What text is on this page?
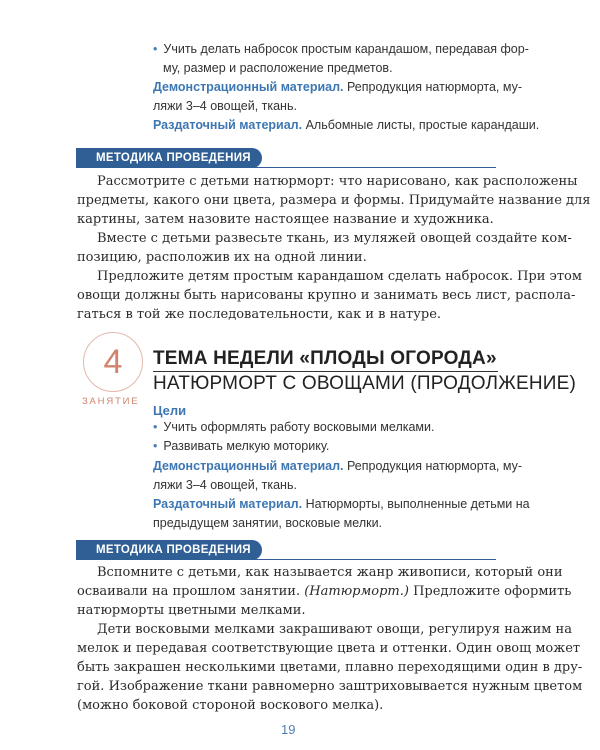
• Учить делать набросок простым карандашом, передавая фор-
му, размер и расположение предметов.
Демонстрационный материал. Репродукция натюрморта, му-
ляжи 3–4 овощей, ткань.
Раздаточный материал. Альбомные листы, простые карандаши.
МЕТОДИКА ПРОВЕДЕНИЯ
Рассмотрите с детьми натюрморт: что нарисовано, как расположены
предметы, какого они цвета, размера и формы. Придумайте название для
картины, затем назовите настоящее название и художника.
Вместе с детьми развесьте ткань, из муляжей овощей создайте ком-
позицию, расположив их на одной линии.
Предложите детям простым карандашом сделать набросок. При этом
овощи должны быть нарисованы крупно и занимать весь лист, распола-
гаться в той же последовательности, как и в натуре.
4
ЗАНЯТИЕ
ТЕМА НЕДЕЛИ «ПЛОДЫ ОГОРОДА»
НАТЮРМОРТ С ОВОЩАМИ (ПРОДОЛЖЕНИЕ)
Цели
• Учить оформлять работу восковыми мелками.
• Развивать мелкую моторику.
Демонстрационный материал. Репродукция натюрморта, му-
ляжи 3–4 овощей, ткань.
Раздаточный материал. Натюрморты, выполненные детьми на
предыдущем занятии, восковые мелки.
МЕТОДИКА ПРОВЕДЕНИЯ
Вспомните с детьми, как называется жанр живописи, который они
осваивали на прошлом занятии. (Натюрморт.) Предложите оформить
натюрморты цветными мелками.
Дети восковыми мелками закрашивают овощи, регулируя нажим на
мелок и передавая соответствующие цвета и оттенки. Один овощ может
быть закрашен несколькими цветами, плавно переходящими один в дру-
гой. Изображение ткани равномерно заштриховывается нужным цветом
(можно боковой стороной воскового мелка).
19
